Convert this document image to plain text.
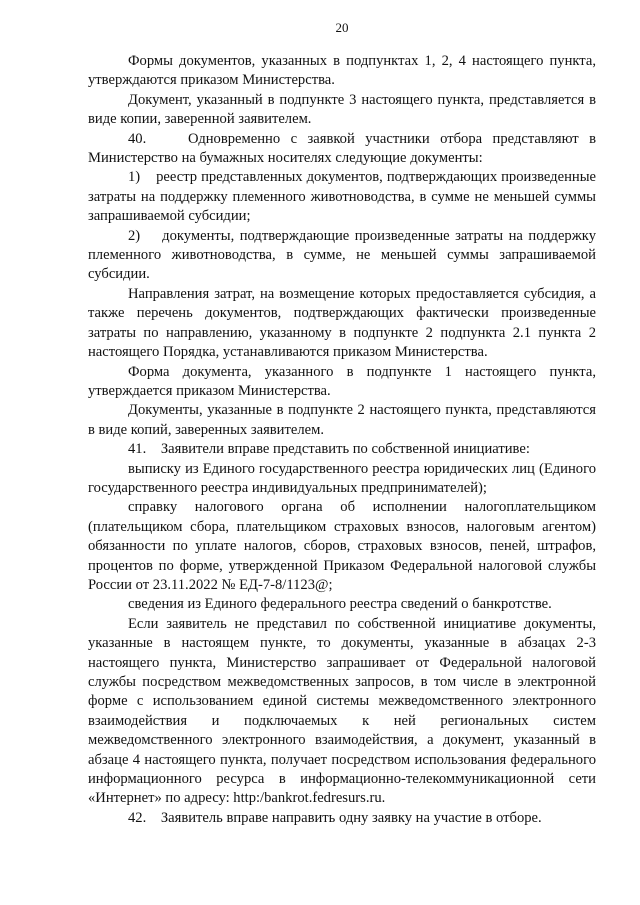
20

Формы документов, указанных в подпунктах 1, 2, 4 настоящего пункта, утверждаются приказом Министерства.

Документ, указанный в подпункте 3 настоящего пункта, представляется в виде копии, заверенной заявителем.

40.    Одновременно с заявкой участники отбора представляют в Министерство на бумажных носителях следующие документы:

1)    реестр представленных документов, подтверждающих произведенные затраты на поддержку племенного животноводства, в сумме не меньшей суммы запрашиваемой субсидии;

2)    документы, подтверждающие произведенные затраты на поддержку племенного животноводства, в сумме, не меньшей суммы запрашиваемой субсидии.

Направления затрат, на возмещение которых предоставляется субсидия, а также перечень документов, подтверждающих фактически произведенные затраты по направлению, указанному в подпункте 2 подпункта 2.1 пункта 2 настоящего Порядка, устанавливаются приказом Министерства.

Форма документа, указанного в подпункте 1 настоящего пункта, утверждается приказом Министерства.

Документы, указанные в подпункте 2 настоящего пункта, представляются в виде копий, заверенных заявителем.

41.    Заявители вправе представить по собственной инициативе:

выписку из Единого государственного реестра юридических лиц (Единого государственного реестра индивидуальных предпринимателей);

справку налогового органа об исполнении налогоплательщиком (плательщиком сбора, плательщиком страховых взносов, налоговым агентом) обязанности по уплате налогов, сборов, страховых взносов, пеней, штрафов, процентов по форме, утвержденной Приказом Федеральной налоговой службы России от 23.11.2022 № ЕД-7-8/1123@;

сведения из Единого федерального реестра сведений о банкротстве.

Если заявитель не представил по собственной инициативе документы, указанные в настоящем пункте, то документы, указанные в абзацах 2-3 настоящего пункта, Министерство запрашивает от Федеральной налоговой службы посредством межведомственных запросов, в том числе в электронной форме с использованием единой системы межведомственного электронного взаимодействия и подключаемых к ней региональных систем межведомственного электронного взаимодействия, а документ, указанный в абзаце 4 настоящего пункта, получает посредством использования федерального информационного ресурса в информационно-телекоммуникационной сети «Интернет» по адресу: http:/bankrot.fedresurs.ru.

42.    Заявитель вправе направить одну заявку на участие в отборе.
